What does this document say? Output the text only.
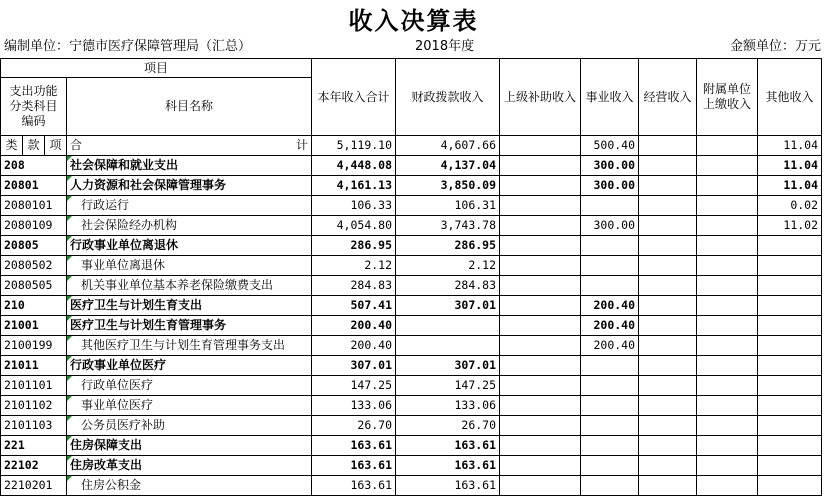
收入决算表
编制单位：宁德市医疗保障管理局（汇总）	2018年度	金额单位：万元
项目				本年收入合计	财政拨款收入	上级补助收入	事业收入	经营收入	附属单位上缴收入	其他收入
支出功能分类科目编码			科目名称							
类	款	项	合 计	5,119.10	4,607.66		500.40			11.04
208			社会保障和就业支出	4,448.08	4,137.04		300.00			11.04
20801			人力资源和社会保障管理事务	4,161.13	3,850.09		300.00			11.04
2080101			行政运行	106.33	106.31					0.02
2080109			社会保险经办机构	4,054.80	3,743.78		300.00			11.02
20805			行政事业单位离退休	286.95	286.95					
2080502			事业单位离退休	2.12	2.12					
2080505			机关事业单位基本养老保险缴费支出	284.83	284.83					
210			医疗卫生与计划生育支出	507.41	307.01		200.40			
21001			医疗卫生与计划生育管理事务	200.40			200.40			
2100199			其他医疗卫生与计划生育管理事务支出	200.40			200.40			
21011			行政事业单位医疗	307.01	307.01					
2101101			行政单位医疗	147.25	147.25					
2101102			事业单位医疗	133.06	133.06					
2101103			公务员医疗补助	26.70	26.70					
221			住房保障支出	163.61	163.61					
22102			住房改革支出	163.61	163.61					
2210201			住房公积金	163.61	163.61					
